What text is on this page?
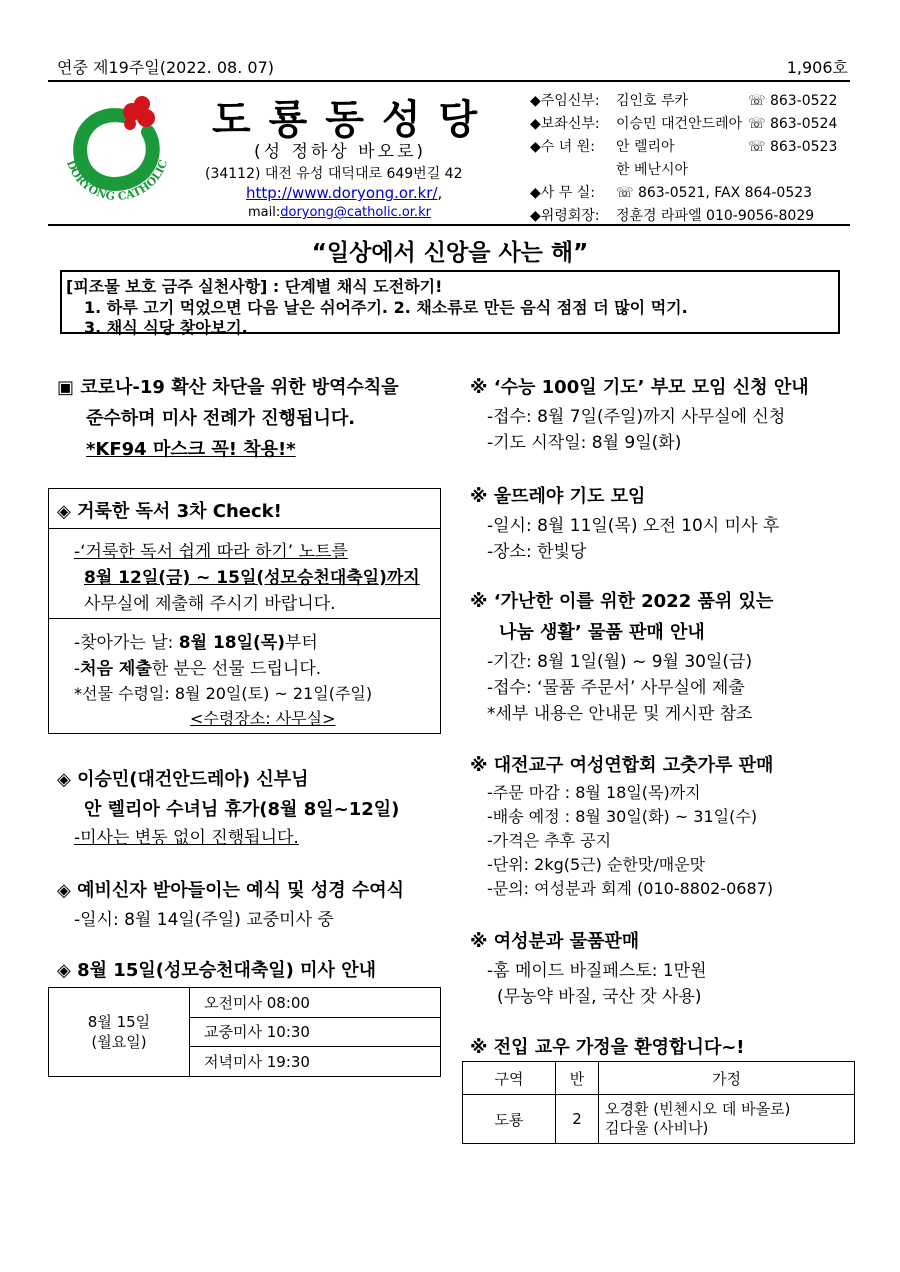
연중 제19주일(2022. 08. 07)	1,906호
DORYONG CATHOLIC
도룡동성당
(성 정하상 바오로)
(34112) 대전 유성 대덕대로 649번길 42
http://www.doryong.or.kr/,
mail:doryong@catholic.or.kr
◆주임신부: 김인호 루카	☏ 863-0522
◆보좌신부: 이승민 대건안드레아 ☏ 863-0524
◆수 녀 원: 안 렐리아	☏ 863-0523
한 베난시아
◆사 무 실: ☏ 863-0521, FAX 864-0523
◆위령회장: 정훈경 라파엘 010-9056-8029
“일상에서 신앙을 사는 해”
[피조물 보호 금주 실천사항] : 단계별 채식 도전하기!
1. 하루 고기 먹었으면 다음 날은 쉬어주기. 2. 채소류로 만든 음식 점점 더 많이 먹기.
3. 채식 식당 찾아보기.
▣ 코로나-19 확산 차단을 위한 방역수칙을
준수하며 미사 전례가 진행됩니다.
*KF94 마스크 꼭! 착용!*
◈ 거룩한 독서 3차 Check!
-‘거룩한 독서 쉽게 따라 하기’ 노트를
8월 12일(금) ~ 15일(성모승천대축일)까지
사무실에 제출해 주시기 바랍니다.
-찾아가는 날: 8월 18일(목)부터
-처음 제출한 분은 선물 드립니다.
*선물 수령일: 8월 20일(토) ~ 21일(주일)
<수령장소: 사무실>
◈ 이승민(대건안드레아) 신부님
안 렐리아 수녀님 휴가(8월 8일~12일)
-미사는 변동 없이 진행됩니다.
◈ 예비신자 받아들이는 예식 및 성경 수여식
-일시: 8월 14일(주일) 교중미사 중
◈ 8월 15일(성모승천대축일) 미사 안내
8월 15일
(월요일)
	오전미사 08:00
교중미사 10:30
저녁미사 19:30
※ ‘수능 100일 기도’ 부모 모임 신청 안내
-접수: 8월 7일(주일)까지 사무실에 신청
-기도 시작일: 8월 9일(화)
※ 울뜨레야 기도 모임
-일시: 8월 11일(목) 오전 10시 미사 후
-장소: 한빛당
※ ‘가난한 이를 위한 2022 품위 있는
나눔 생활’ 물품 판매 안내
-기간: 8월 1일(월) ~ 9월 30일(금)
-접수: ‘물품 주문서’ 사무실에 제출
*세부 내용은 안내문 및 게시판 참조
※ 대전교구 여성연합회 고춧가루 판매
-주문 마감 : 8월 18일(목)까지
-배송 예정 : 8월 30일(화) ~ 31일(수)
-가격은 추후 공지
-단위: 2kg(5근) 순한맛/매운맛
-문의: 여성분과 회계 (010-8802-0687)
※ 여성분과 물품판매
-홈 메이드 바질페스토: 1만원
(무농약 바질, 국산 잣 사용)
※ 전입 교우 가정을 환영합니다~!
구역	반	가정
도룡	2	오경환 (빈첸시오 데 바올로)
김다울 (사비나)
